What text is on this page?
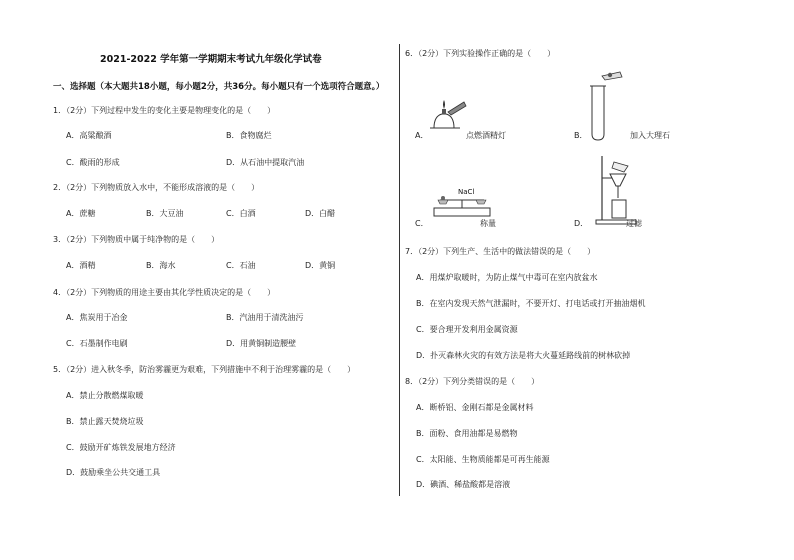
2021-2022 学年第一学期期末考试九年级化学试卷
一、选择题（本大题共18小题，每小题2分，共36分。每小题只有一个选项符合题意。）
1．（2分）下列过程中发生的变化主要是物理变化的是（　　）
A．高粱酿酒	B．食物腐烂
C．酸雨的形成	D．从石油中提取汽油
2．（2分）下列物质放入水中，不能形成溶液的是（　　）
A．蔗糖	B．大豆油	C．白酒	D．白醋
3．（2分）下列物质中属于纯净物的是（　　）
A．酒精	B．海水	C．石油	D．黄铜
4．（2分）下列物质的用途主要由其化学性质决定的是（　　）
A．焦炭用于冶金	B．汽油用于清洗油污
C．石墨制作电刷	D．用黄铜制造腰壁
5．（2分）进入秋冬季，防治雾霾更为艰难，下列措施中不利于治理雾霾的是（　　）
A．禁止分散燃煤取暖
B．禁止露天焚烧垃圾
C．鼓励开矿炼铁发展地方经济
D．鼓励乘坐公共交通工具
6．（2分）下列实验操作正确的是（　　）
A．	点燃酒精灯	B．	加入大理石
NaCl
C．	称量	D．	过滤
7．（2分）下列生产、生活中的做法错误的是（　　）
A．用煤炉取暖时，为防止煤气中毒可在室内放盆水
B．在室内发现天然气泄漏时，不要开灯、打电话或打开抽油烟机
C．要合理开发利用金属资源
D．扑灭森林火灾的有效方法是将大火蔓延路线前的树林砍掉
8．（2分）下列分类错误的是（　　）
A．断桥铝、金刚石都是金属材料
B．面粉、食用油都是易燃物
C．太阳能、生物质能都是可再生能源
D．碘酒、稀盐酸都是溶液
